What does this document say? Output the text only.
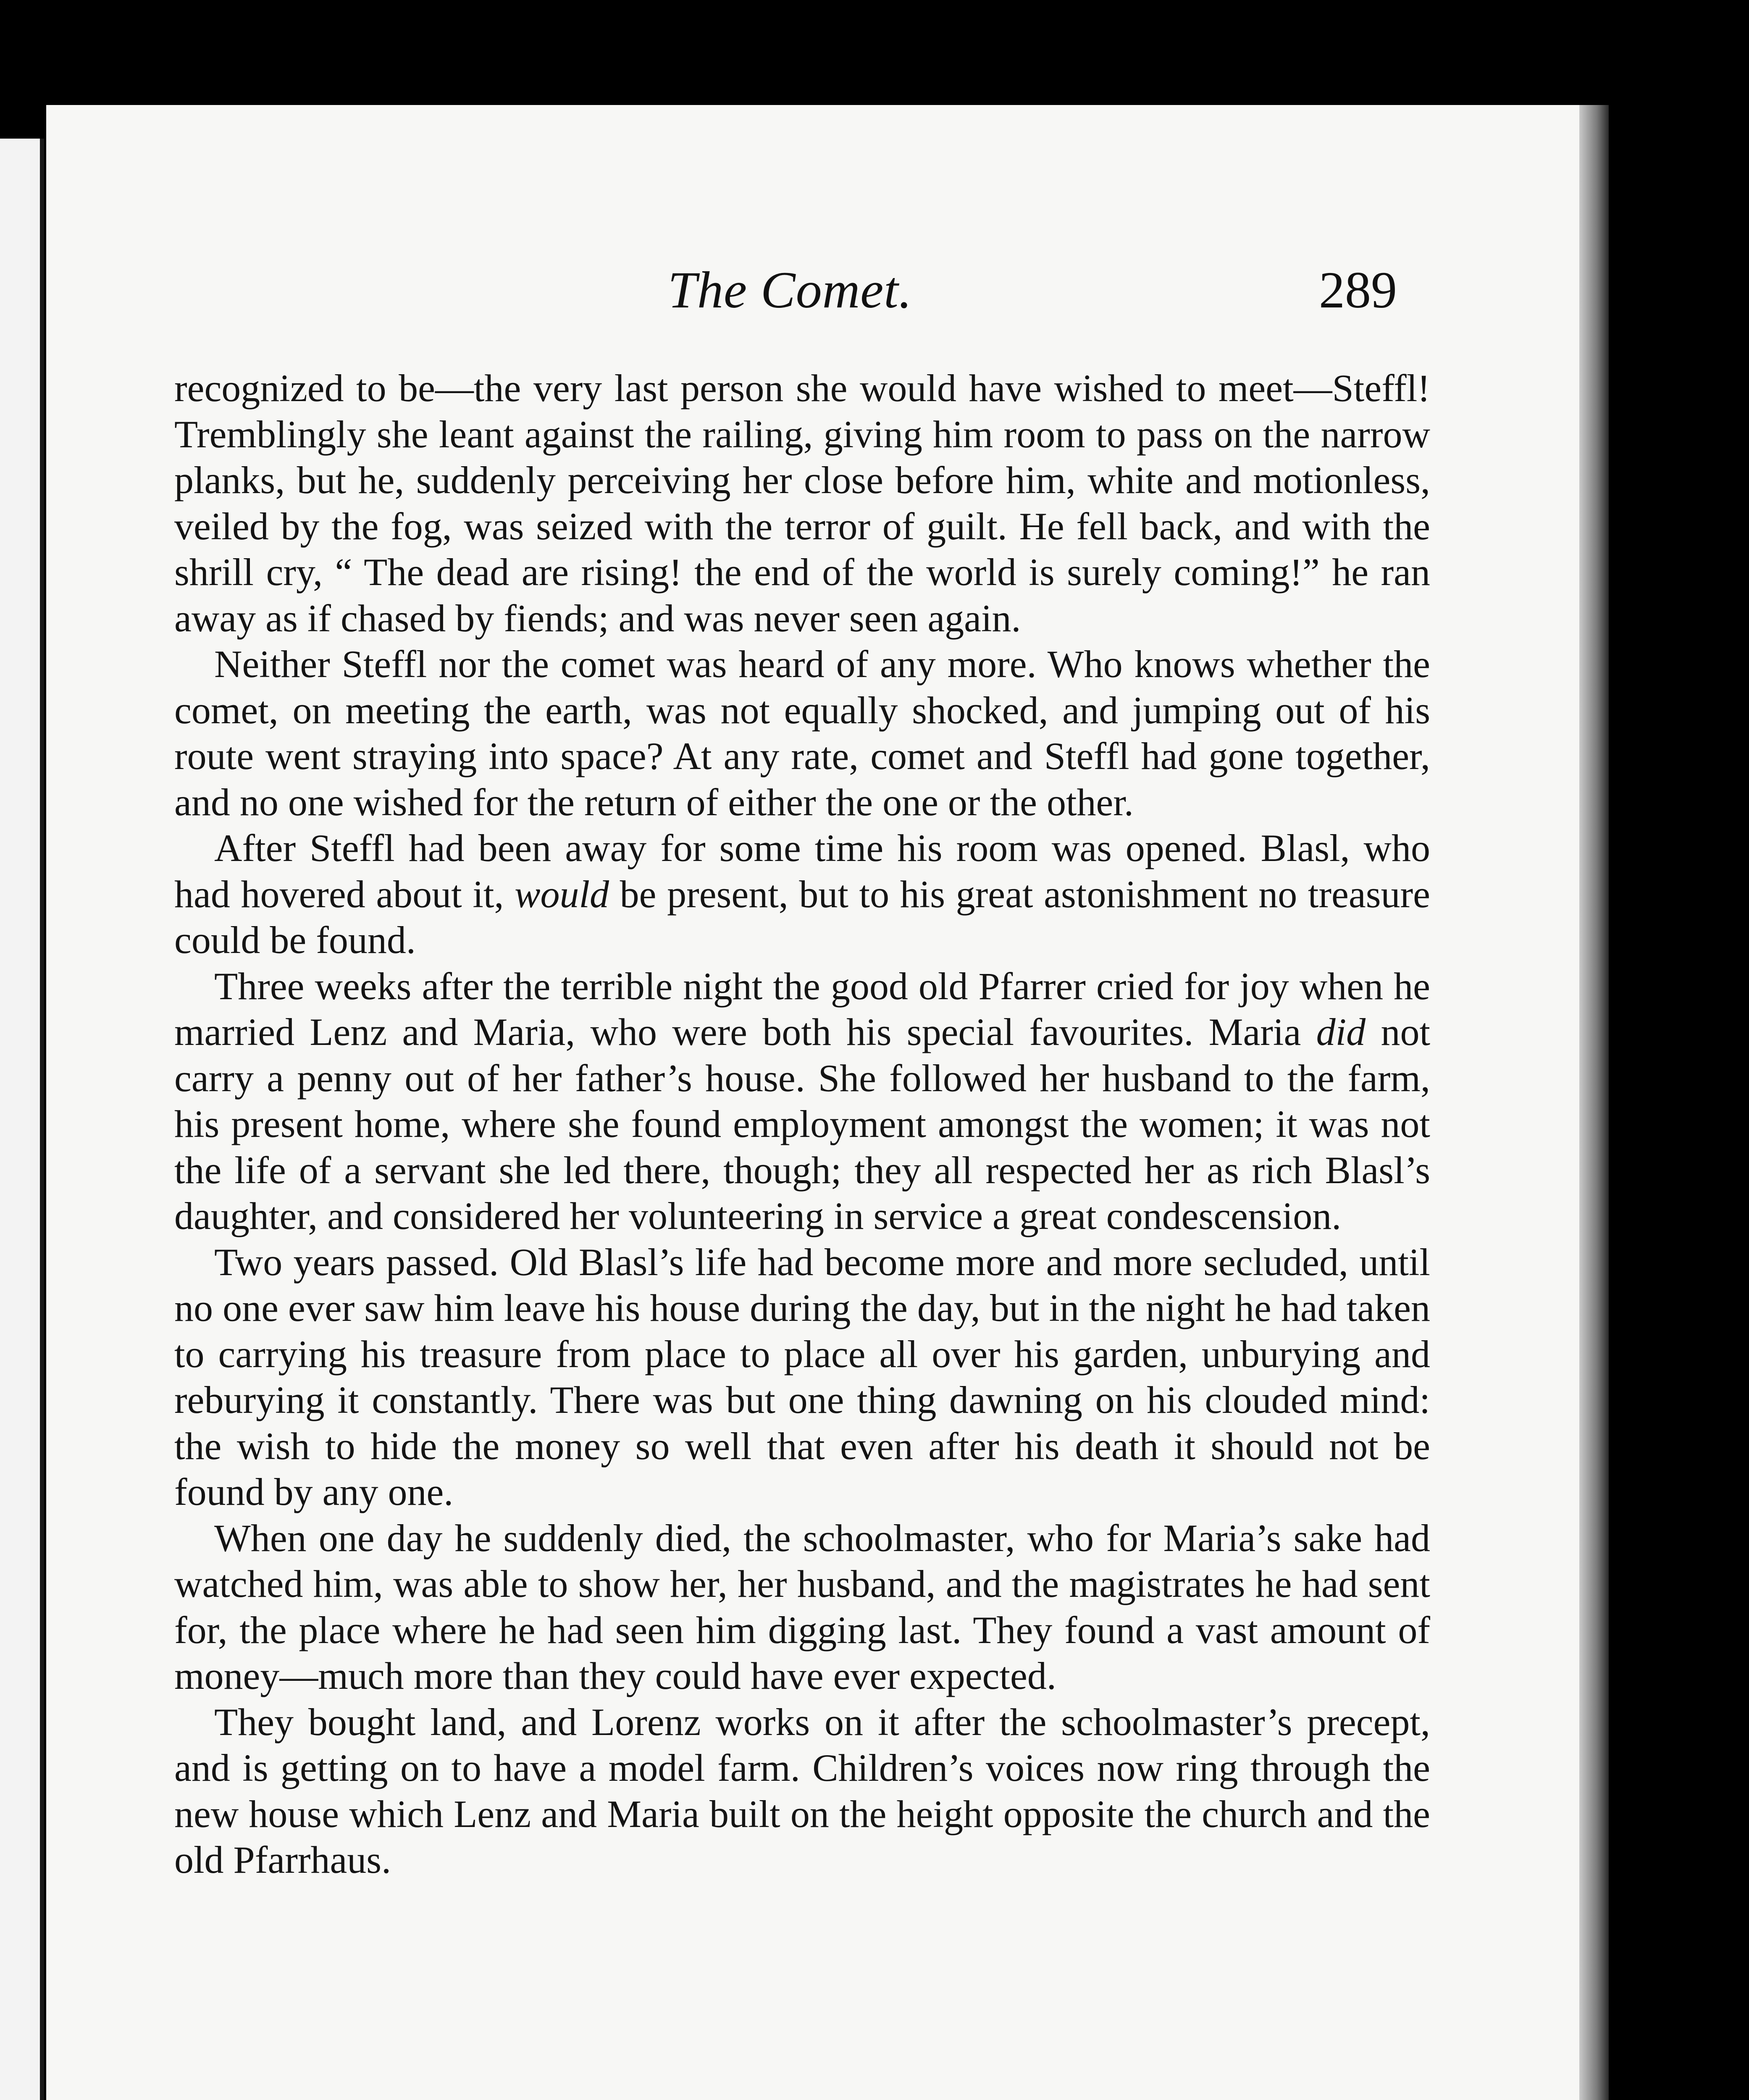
The Comet.	289

recognized to be—the very last person she would have wished to meet—Steffl! Tremblingly she leant against the railing, giving him room to pass on the narrow planks, but he, suddenly perceiving her close before him, white and motionless, veiled by the fog, was seized with the terror of guilt. He fell back, and with the shrill cry, “ The dead are rising! the end of the world is surely coming!” he ran away as if chased by fiends; and was never seen again.

Neither Steffl nor the comet was heard of any more. Who knows whether the comet, on meeting the earth, was not equally shocked, and jumping out of his route went straying into space? At any rate, comet and Steffl had gone together, and no one wished for the return of either the one or the other.

After Steffl had been away for some time his room was opened. Blasl, who had hovered about it, would be present, but to his great astonishment no treasure could be found.

Three weeks after the terrible night the good old Pfarrer cried for joy when he married Lenz and Maria, who were both his special favourites. Maria did not carry a penny out of her father’s house. She followed her husband to the farm, his present home, where she found employment amongst the women; it was not the life of a servant she led there, though; they all respected her as rich Blasl’s daughter, and considered her volunteering in service a great condescension.

Two years passed. Old Blasl’s life had become more and more secluded, until no one ever saw him leave his house during the day, but in the night he had taken to carrying his treasure from place to place all over his garden, unburying and reburying it constantly. There was but one thing dawning on his clouded mind: the wish to hide the money so well that even after his death it should not be found by any one.

When one day he suddenly died, the schoolmaster, who for Maria’s sake had watched him, was able to show her, her husband, and the magistrates he had sent for, the place where he had seen him digging last. They found a vast amount of money—much more than they could have ever expected.

They bought land, and Lorenz works on it after the schoolmaster’s precept, and is getting on to have a model farm. Children’s voices now ring through the new house which Lenz and Maria built on the height opposite the church and the old Pfarrhaus.
